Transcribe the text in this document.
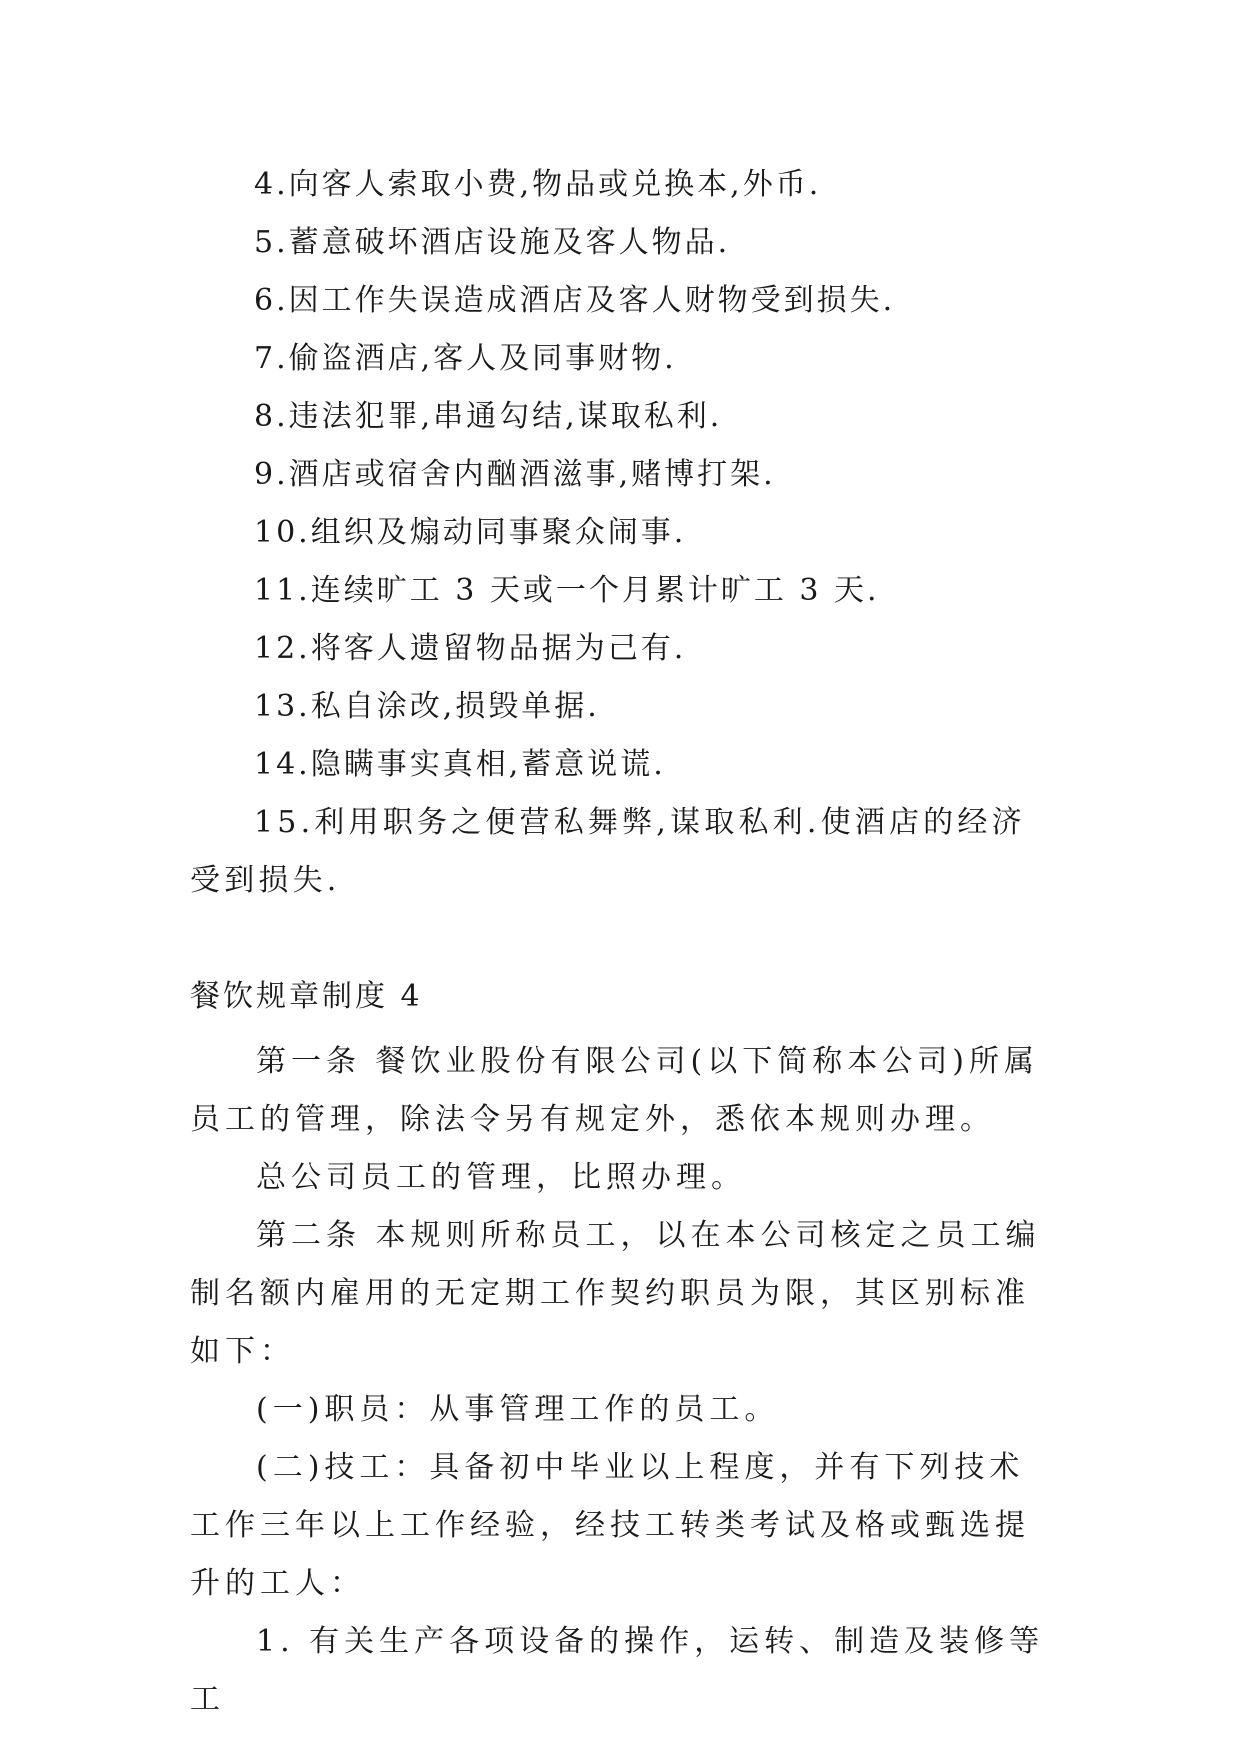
4.向客人索取小费,物品或兑换本,外币.
5.蓄意破坏酒店设施及客人物品.
6.因工作失误造成酒店及客人财物受到损失.
7.偷盗酒店,客人及同事财物.
8.违法犯罪,串通勾结,谋取私利.
9.酒店或宿舍内酗酒滋事,赌博打架.
10.组织及煽动同事聚众闹事.
11.连续旷工 3 天或一个月累计旷工 3 天.
12.将客人遗留物品据为己有.
13.私自涂改,损毁单据.
14.隐瞒事实真相,蓄意说谎.
15.利用职务之便营私舞弊,谋取私利.使酒店的经济受到损失.
餐饮规章制度 4
第一条 餐饮业股份有限公司(以下简称本公司)所属员工的管理，除法令另有规定外，悉依本规则办理。
总公司员工的管理，比照办理。
第二条 本规则所称员工，以在本公司核定之员工编制名额内雇用的无定期工作契约职员为限，其区别标准如下：
(一)职员：从事管理工作的员工。
(二)技工：具备初中毕业以上程度，并有下列技术工作三年以上工作经验，经技工转类考试及格或甄选提升的工人：
1. 有关生产各项设备的操作，运转、制造及装修等工
